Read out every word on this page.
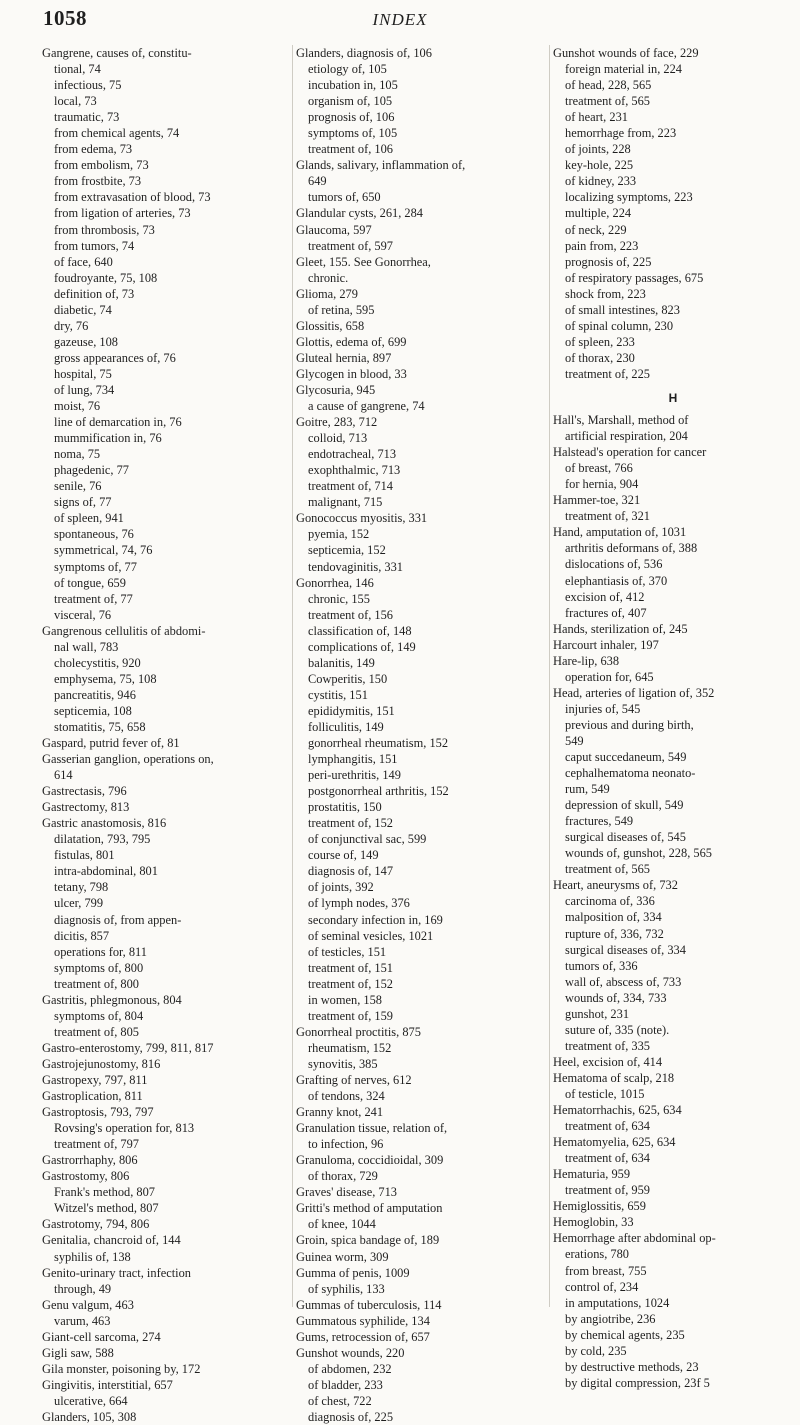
1058	INDEX
Gangrene, causes of, constitu-
tional, 74
infectious, 75
local, 73
traumatic, 73
from chemical agents, 74
from edema, 73
from embolism, 73
from frostbite, 73
from extravasation of blood, 73
from ligation of arteries, 73
from thrombosis, 73
from tumors, 74
of face, 640
foudroyante, 75, 108
definition of, 73
diabetic, 74
dry, 76
gazeuse, 108
gross appearances of, 76
hospital, 75
of lung, 734
moist, 76
line of demarcation in, 76
mummification in, 76
noma, 75
phagedenic, 77
senile, 76
signs of, 77
of spleen, 941
spontaneous, 76
symmetrical, 74, 76
symptoms of, 77
of tongue, 659
treatment of, 77
visceral, 76
Gangrenous cellulitis of abdomi-
nal wall, 783
cholecystitis, 920
emphysema, 75, 108
pancreatitis, 946
septicemia, 108
stomatitis, 75, 658
Gaspard, putrid fever of, 81
Gasserian ganglion, operations on,
614
Gastrectasis, 796
Gastrectomy, 813
Gastric anastomosis, 816
dilatation, 793, 795
fistulas, 801
intra-abdominal, 801
tetany, 798
ulcer, 799
diagnosis of, from appen-
dicitis, 857
operations for, 811
symptoms of, 800
treatment of, 800
Gastritis, phlegmonous, 804
symptoms of, 804
treatment of, 805
Gastro-enterostomy, 799, 811, 817
Gastrojejunostomy, 816
Gastropexy, 797, 811
Gastroplication, 811
Gastroptosis, 793, 797
Rovsing's operation for, 813
treatment of, 797
Gastrorrhaphy, 806
Gastrostomy, 806
Frank's method, 807
Witzel's method, 807
Gastrotomy, 794, 806
Genitalia, chancroid of, 144
syphilis of, 138
Genito-urinary tract, infection
through, 49
Genu valgum, 463
varum, 463
Giant-cell sarcoma, 274
Gigli saw, 588
Gila monster, poisoning by, 172
Gingivitis, interstitial, 657
ulcerative, 664
Glanders, 105, 308
Glanders, diagnosis of, 106
etiology of, 105
incubation in, 105
organism of, 105
prognosis of, 106
symptoms of, 105
treatment of, 106
Glands, salivary, inflammation of,
649
tumors of, 650
Glandular cysts, 261, 284
Glaucoma, 597
treatment of, 597
Gleet, 155. See Gonorrhea,
chronic.
Glioma, 279
of retina, 595
Glossitis, 658
Glottis, edema of, 699
Gluteal hernia, 897
Glycogen in blood, 33
Glycosuria, 945
a cause of gangrene, 74
Goitre, 283, 712
colloid, 713
endotracheal, 713
exophthalmic, 713
treatment of, 714
malignant, 715
Gonococcus myositis, 331
pyemia, 152
septicemia, 152
tendovaginitis, 331
Gonorrhea, 146
chronic, 155
treatment of, 156
classification of, 148
complications of, 149
balanitis, 149
Cowperitis, 150
cystitis, 151
epididymitis, 151
folliculitis, 149
gonorrheal rheumatism, 152
lymphangitis, 151
peri-urethritis, 149
postgonorrheal arthritis, 152
prostatitis, 150
treatment of, 152
of conjunctival sac, 599
course of, 149
diagnosis of, 147
of joints, 392
of lymph nodes, 376
secondary infection in, 169
of seminal vesicles, 1021
of testicles, 151
treatment of, 151
treatment of, 152
in women, 158
treatment of, 159
Gonorrheal proctitis, 875
rheumatism, 152
synovitis, 385
Grafting of nerves, 612
of tendons, 324
Granny knot, 241
Granulation tissue, relation of,
to infection, 96
Granuloma, coccidioidal, 309
of thorax, 729
Graves' disease, 713
Gritti's method of amputation
of knee, 1044
Groin, spica bandage of, 189
Guinea worm, 309
Gumma of penis, 1009
of syphilis, 133
Gummas of tuberculosis, 114
Gummatous syphilide, 134
Gums, retrocession of, 657
Gunshot wounds, 220
of abdomen, 232
of bladder, 233
of chest, 722
diagnosis of, 225
Gunshot wounds of face, 229
foreign material in, 224
of head, 228, 565
treatment of, 565
of heart, 231
hemorrhage from, 223
of joints, 228
key-hole, 225
of kidney, 233
localizing symptoms, 223
multiple, 224
of neck, 229
pain from, 223
prognosis of, 225
of respiratory passages, 675
shock from, 223
of small intestines, 823
of spinal column, 230
of spleen, 233
of thorax, 230
treatment of, 225
H
Hall's, Marshall, method of
artificial respiration, 204
Halstead's operation for cancer
of breast, 766
for hernia, 904
Hammer-toe, 321
treatment of, 321
Hand, amputation of, 1031
arthritis deformans of, 388
dislocations of, 536
elephantiasis of, 370
excision of, 412
fractures of, 407
Hands, sterilization of, 245
Harcourt inhaler, 197
Hare-lip, 638
operation for, 645
Head, arteries of ligation of, 352
injuries of, 545
previous and during birth,
549
caput succedaneum, 549
cephalhematoma neonato-
rum, 549
depression of skull, 549
fractures, 549
surgical diseases of, 545
wounds of, gunshot, 228, 565
treatment of, 565
Heart, aneurysms of, 732
carcinoma of, 336
malposition of, 334
rupture of, 336, 732
surgical diseases of, 334
tumors of, 336
wall of, abscess of, 733
wounds of, 334, 733
gunshot, 231
suture of, 335 (note).
treatment of, 335
Heel, excision of, 414
Hematoma of scalp, 218
of testicle, 1015
Hematorrhachis, 625, 634
treatment of, 634
Hematomyelia, 625, 634
treatment of, 634
Hematuria, 959
treatment of, 959
Hemiglossitis, 659
Hemoglobin, 33
Hemorrhage after abdominal op-
erations, 780
from breast, 755
control of, 234
in amputations, 1024
by angiotribe, 236
by chemical agents, 235
by cold, 235
by destructive methods, 23
by digital compression, 23f 5
